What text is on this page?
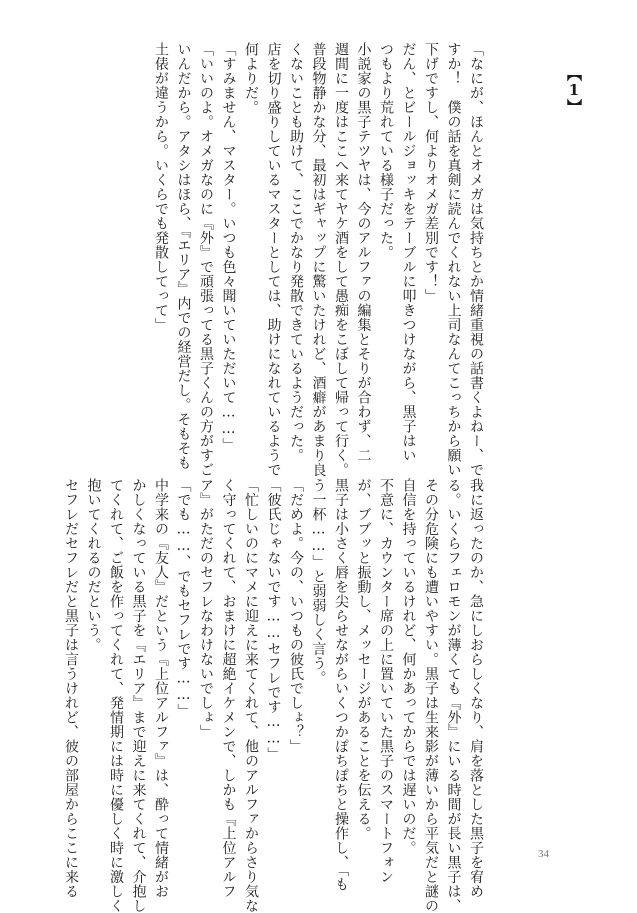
【1】
「なにが、ほんとオメガは気持ちとか情緒重視の話書くよねー、で
すか！　僕の話を真剣に読んでくれない上司なんてこっちから願い
下げですし、何よりオメガ差別です！」
だん、とビールジョッキをテーブルに叩きつけながら、黒子はい
つもより荒れている様子だった。
小説家の黒子テツヤは、今のアルファの編集とそりが合わず、二
週間に一度はここへ来てヤケ酒をして愚痴をこぼして帰って行く。
普段物静かな分、最初はギャップに驚いたけれど、酒癖があまり良
くないことも助けて、ここでかなり発散できているようだった。
店を切り盛りしているマスターとしては、助けになれているようで
何よりだ。
「すみません、マスター。いつも色々聞いていただいて……」
「いいのよ。オメガなのに『外』で頑張ってる黒子くんの方がすご
いんだから。アタシはほら、『エリア』内での経営だし。そもそも
土俵が違うから。いくらでも発散してって」
我に返ったのか、急にしおらしくなり、肩を落とした黒子を宥め
る。いくらフェロモンが薄くても『外』にいる時間が長い黒子は、
その分危険にも遭いやすい。黒子は生来影が薄いから平気だと謎の
自信を持っているけれど、何かあってからでは遅いのだ。
不意に、カウンター席の上に置いていた黒子のスマートフォン
が、ブブッと振動し、メッセージがあることを伝える。
黒子は小さく唇を尖らせながらいくつかぽちぽちと操作し、「も
う一杯……」と弱弱しく言う。
「だめよ。今の、いつもの彼氏でしょ？」
「彼氏じゃないです……セフレです……」
「忙しいのにマメに迎えに来てくれて、他のアルファからさり気な
く守ってくれて、おまけに超絶イケメンで、しかも『上位アルフ
ア』がただのセフレなわけないでしょ」
「でも……、でもセフレです……」
中学来の『友人』だという『上位アルファ』は、酔って情緒がお
かしくなっている黒子を『エリア』まで迎えに来てくれて、介抱し
てくれて、ご飯を作ってくれて、発情期には時に優しく時に激しく
抱いてくれるのだという。
セフレだセフレだと黒子は言うけれど、彼の部屋からここに来る	34
